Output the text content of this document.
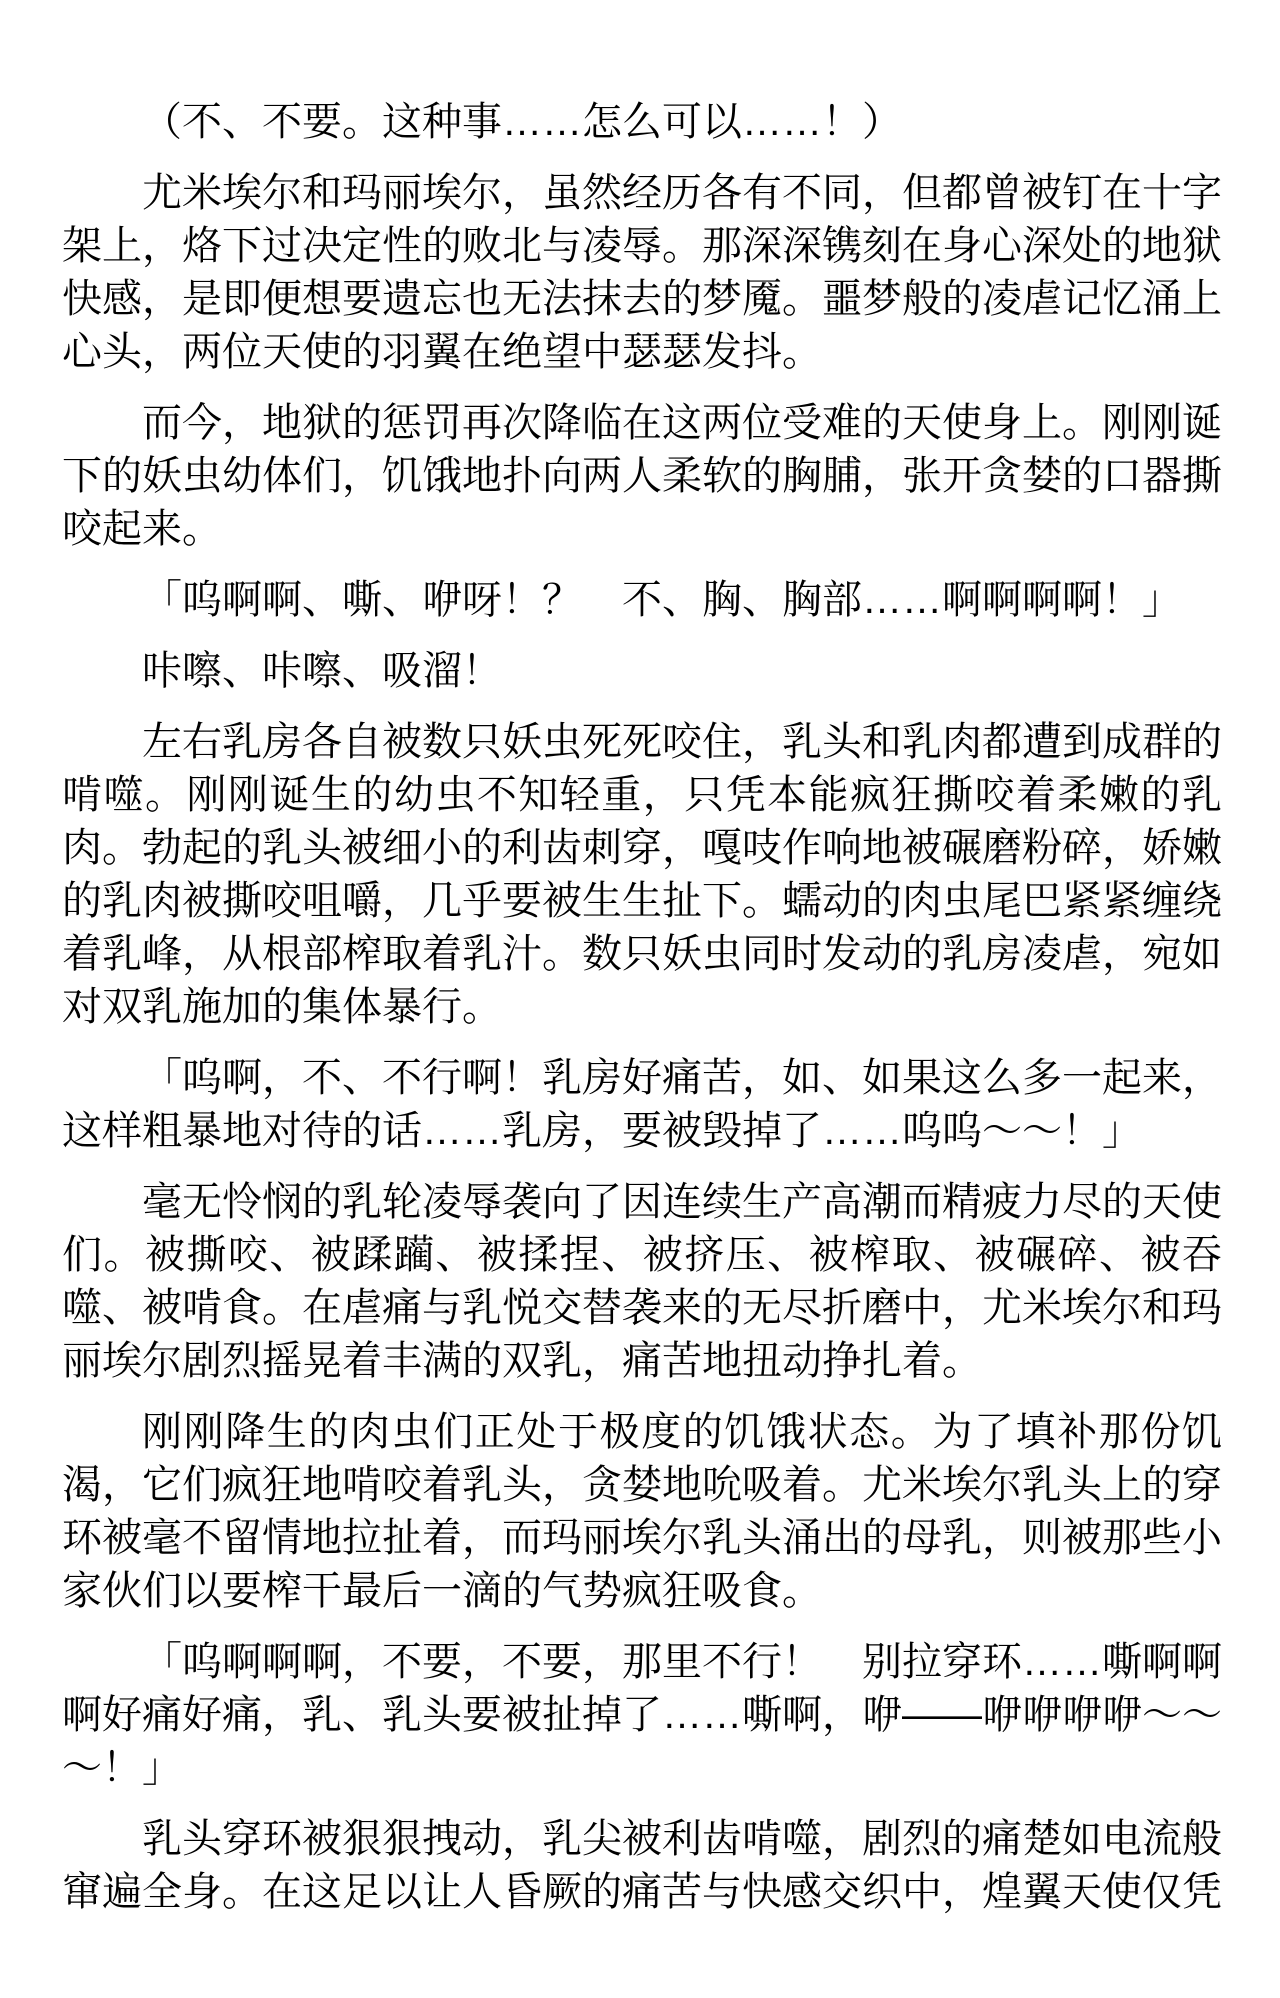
（不、不要。这种事……怎么可以……！）

尤米埃尔和玛丽埃尔，虽然经历各有不同，但都曾被钉在十字架上，烙下过决定性的败北与凌辱。那深深镌刻在身心深处的地狱快感，是即便想要遗忘也无法抹去的梦魇。噩梦般的凌虐记忆涌上心头，两位天使的羽翼在绝望中瑟瑟发抖。

而今，地狱的惩罚再次降临在这两位受难的天使身上。刚刚诞下的妖虫幼体们，饥饿地扑向两人柔软的胸脯，张开贪婪的口器撕咬起来。

「呜啊啊、嘶、咿呀！？　不、胸、胸部……啊啊啊啊！」

咔嚓、咔嚓、吸溜！

左右乳房各自被数只妖虫死死咬住，乳头和乳肉都遭到成群的啃噬。刚刚诞生的幼虫不知轻重，只凭本能疯狂撕咬着柔嫩的乳肉。勃起的乳头被细小的利齿刺穿，嘎吱作响地被碾磨粉碎，娇嫩的乳肉被撕咬咀嚼，几乎要被生生扯下。蠕动的肉虫尾巴紧紧缠绕着乳峰，从根部榨取着乳汁。数只妖虫同时发动的乳房凌虐，宛如对双乳施加的集体暴行。

「呜啊，不、不行啊！乳房好痛苦，如、如果这么多一起来，这样粗暴地对待的话……乳房，要被毁掉了……呜呜～～！」

毫无怜悯的乳轮凌辱袭向了因连续生产高潮而精疲力尽的天使们。被撕咬、被蹂躏、被揉捏、被挤压、被榨取、被碾碎、被吞噬、被啃食。在虐痛与乳悦交替袭来的无尽折磨中，尤米埃尔和玛丽埃尔剧烈摇晃着丰满的双乳，痛苦地扭动挣扎着。

刚刚降生的肉虫们正处于极度的饥饿状态。为了填补那份饥渴，它们疯狂地啃咬着乳头，贪婪地吮吸着。尤米埃尔乳头上的穿环被毫不留情地拉扯着，而玛丽埃尔乳头涌出的母乳，则被那些小家伙们以要榨干最后一滴的气势疯狂吸食。

「呜啊啊啊，不要，不要，那里不行！　别拉穿环……嘶啊啊啊好痛好痛，乳、乳头要被扯掉了……嘶啊，咿——咿咿咿咿～～～！」

乳头穿环被狠狠拽动，乳尖被利齿啃噬，剧烈的痛楚如电流般窜遍全身。在这足以让人昏厥的痛苦与快感交织中，煌翼天使仅凭
